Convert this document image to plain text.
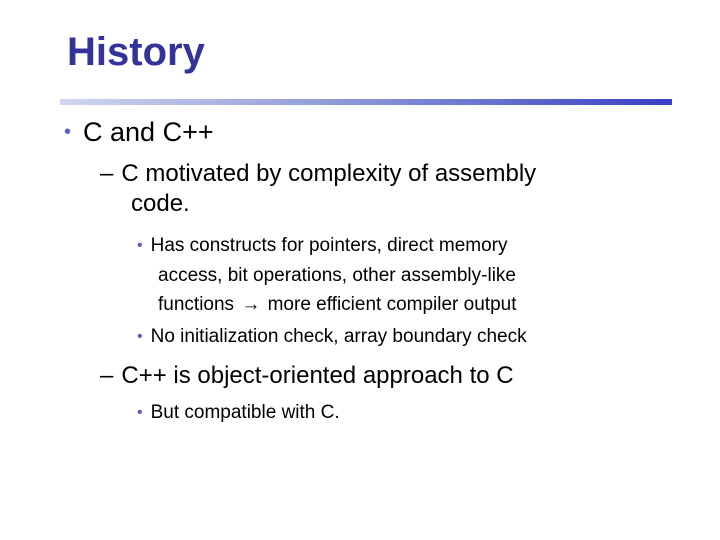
History
• C and C++
– C motivated by complexity of assembly
code.
• Has constructs for pointers, direct memory
access, bit operations, other assembly-like
functions → more efficient compiler output
• No initialization check, array boundary check
– C++ is object-oriented approach to C
• But compatible with C.
